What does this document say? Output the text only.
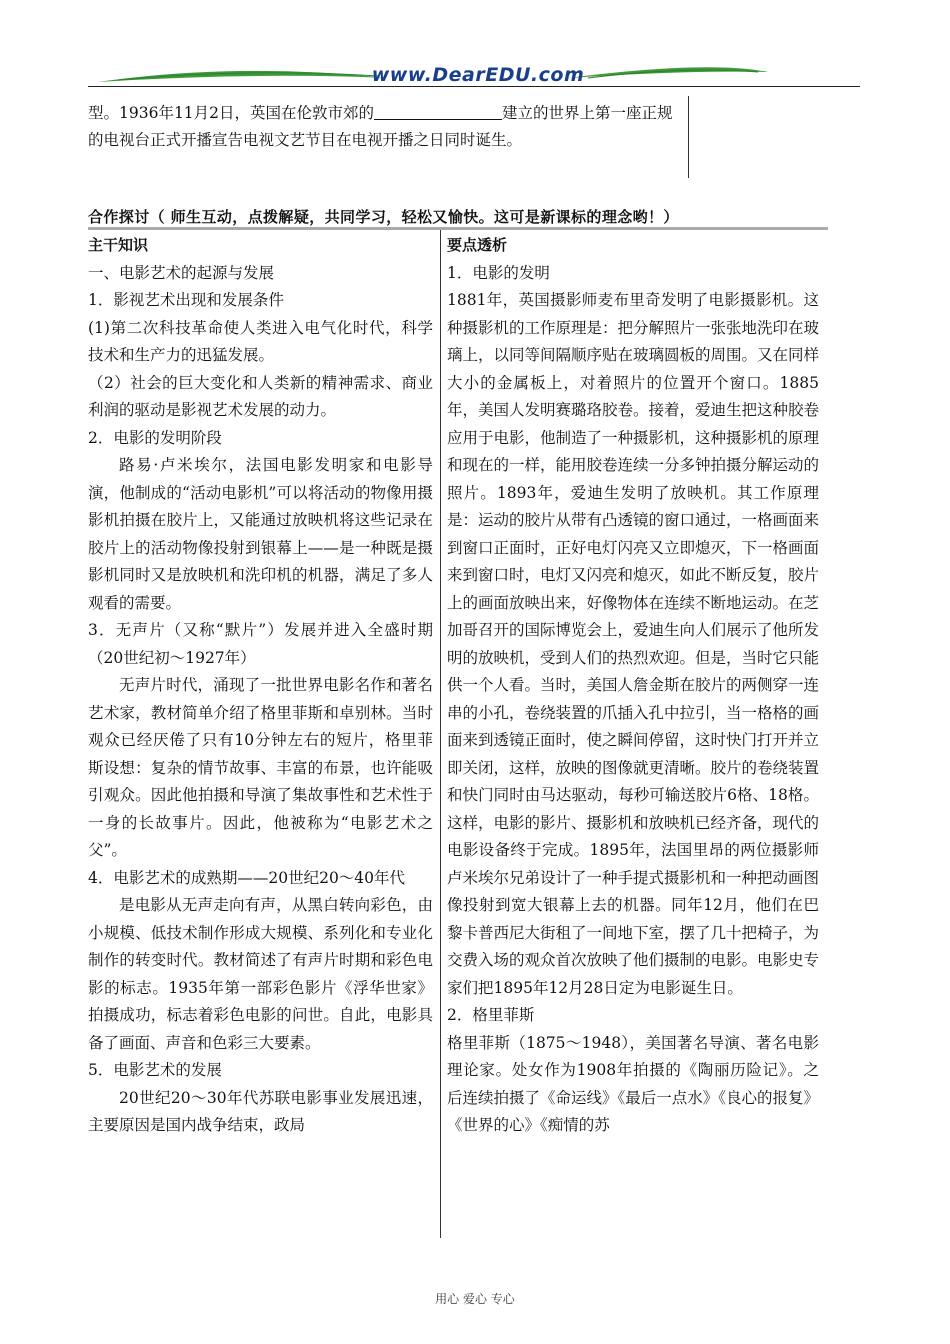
www.DearEDU.com
型。1936年11月2日，英国在伦敦市郊的	建立的世界上第一座正规的电视台正式开播宣告电视文艺节目在电视开播之日同时诞生。
合作探讨（ 师生互动，点拨解疑，共同学习，轻松又愉快。这可是新课标的理念哟！）
主干知识

一、电影艺术的起源与发展

1．影视艺术出现和发展条件

(1)第二次科技革命使人类进入电气化时代，科学技术和生产力的迅猛发展。

（2）社会的巨大变化和人类新的精神需求、商业利润的驱动是影视艺术发展的动力。

2．电影的发明阶段

路易·卢米埃尔，法国电影发明家和电影导演，他制成的“活动电影机”可以将活动的物像用摄影机拍摄在胶片上，又能通过放映机将这些记录在胶片上的活动物像投射到银幕上——是一种既是摄影机同时又是放映机和洗印机的机器，满足了多人观看的需要。

3．无声片（又称“默片”）发展并进入全盛时期（20世纪初～1927年）

无声片时代，涌现了一批世界电影名作和著名艺术家，教材简单介绍了格里菲斯和卓别林。当时观众已经厌倦了只有10分钟左右的短片，格里菲斯设想：复杂的情节故事、丰富的布景，也许能吸引观众。因此他拍摄和导演了集故事性和艺术性于一身的长故事片。因此，他被称为“电影艺术之父”。

4．电影艺术的成熟期——20世纪20～40年代

是电影从无声走向有声，从黑白转向彩色，由小规模、低技术制作形成大规模、系列化和专业化制作的转变时代。教材简述了有声片时期和彩色电影的标志。1935年第一部彩色影片《浮华世家》拍摄成功，标志着彩色电影的问世。自此，电影具备了画面、声音和色彩三大要素。

5．电影艺术的发展

20世纪20～30年代苏联电影事业发展迅速，主要原因是国内战争结束，政局

要点透析

1．电影的发明

1881年，英国摄影师麦布里奇发明了电影摄影机。这种摄影机的工作原理是：把分解照片一张张地洗印在玻璃上，以同等间隔顺序贴在玻璃圆板的周围。又在同样大小的金属板上，对着照片的位置开个窗口。1885年，美国人发明赛璐珞胶卷。接着，爱迪生把这种胶卷应用于电影，他制造了一种摄影机，这种摄影机的原理和现在的一样，能用胶卷连续一分多钟拍摄分解运动的照片。1893年，爱迪生发明了放映机。其工作原理是：运动的胶片从带有凸透镜的窗口通过，一格画面来到窗口正面时，正好电灯闪亮又立即熄灭，下一格画面来到窗口时，电灯又闪亮和熄灭，如此不断反复，胶片上的画面放映出来，好像物体在连续不断地运动。在芝加哥召开的国际博览会上，爱迪生向人们展示了他所发明的放映机，受到人们的热烈欢迎。但是，当时它只能供一个人看。当时，美国人詹金斯在胶片的两侧穿一连串的小孔，卷绕装置的爪插入孔中拉引，当一格格的画面来到透镜正面时，使之瞬间停留，这时快门打开并立即关闭，这样，放映的图像就更清晰。胶片的卷绕装置和快门同时由马达驱动，每秒可输送胶片6格、18格。这样，电影的影片、摄影机和放映机已经齐备，现代的电影设备终于完成。1895年，法国里昂的两位摄影师卢米埃尔兄弟设计了一种手提式摄影机和一种把动画图像投射到宽大银幕上去的机器。同年12月，他们在巴黎卡普西尼大街租了一间地下室，摆了几十把椅子，为交费入场的观众首次放映了他们摄制的电影。电影史专家们把1895年12月28日定为电影诞生日。

2．格里菲斯

格里菲斯（1875～1948），美国著名导演、著名电影理论家。处女作为1908年拍摄的《陶丽历险记》。之后连续拍摄了《命运线》《最后一点水》《良心的报复》《世界的心》《痴情的苏

用心 爱心 专心
